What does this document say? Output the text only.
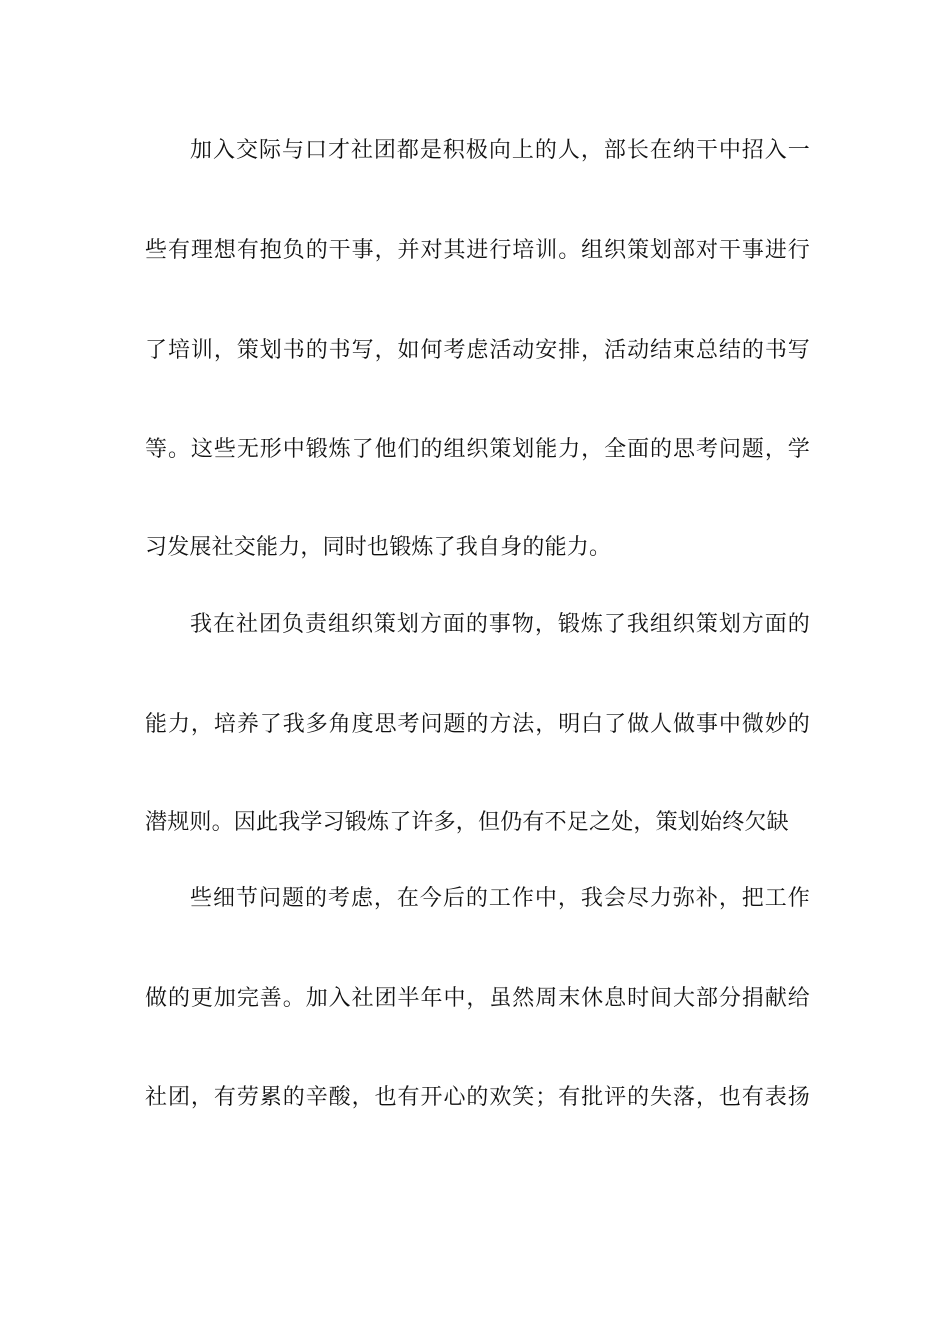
加入交际与口才社团都是积极向上的人，部长在纳干中招入一
些有理想有抱负的干事，并对其进行培训。组织策划部对干事进行
了培训，策划书的书写，如何考虑活动安排，活动结束总结的书写
等。这些无形中锻炼了他们的组织策划能力，全面的思考问题，学
习发展社交能力，同时也锻炼了我自身的能力。
我在社团负责组织策划方面的事物，锻炼了我组织策划方面的
能力，培养了我多角度思考问题的方法，明白了做人做事中微妙的
潜规则。因此我学习锻炼了许多，但仍有不足之处，策划始终欠缺
些细节问题的考虑，在今后的工作中，我会尽力弥补，把工作
做的更加完善。加入社团半年中，虽然周末休息时间大部分捐献给
社团，有劳累的辛酸，也有开心的欢笑；有批评的失落，也有表扬
